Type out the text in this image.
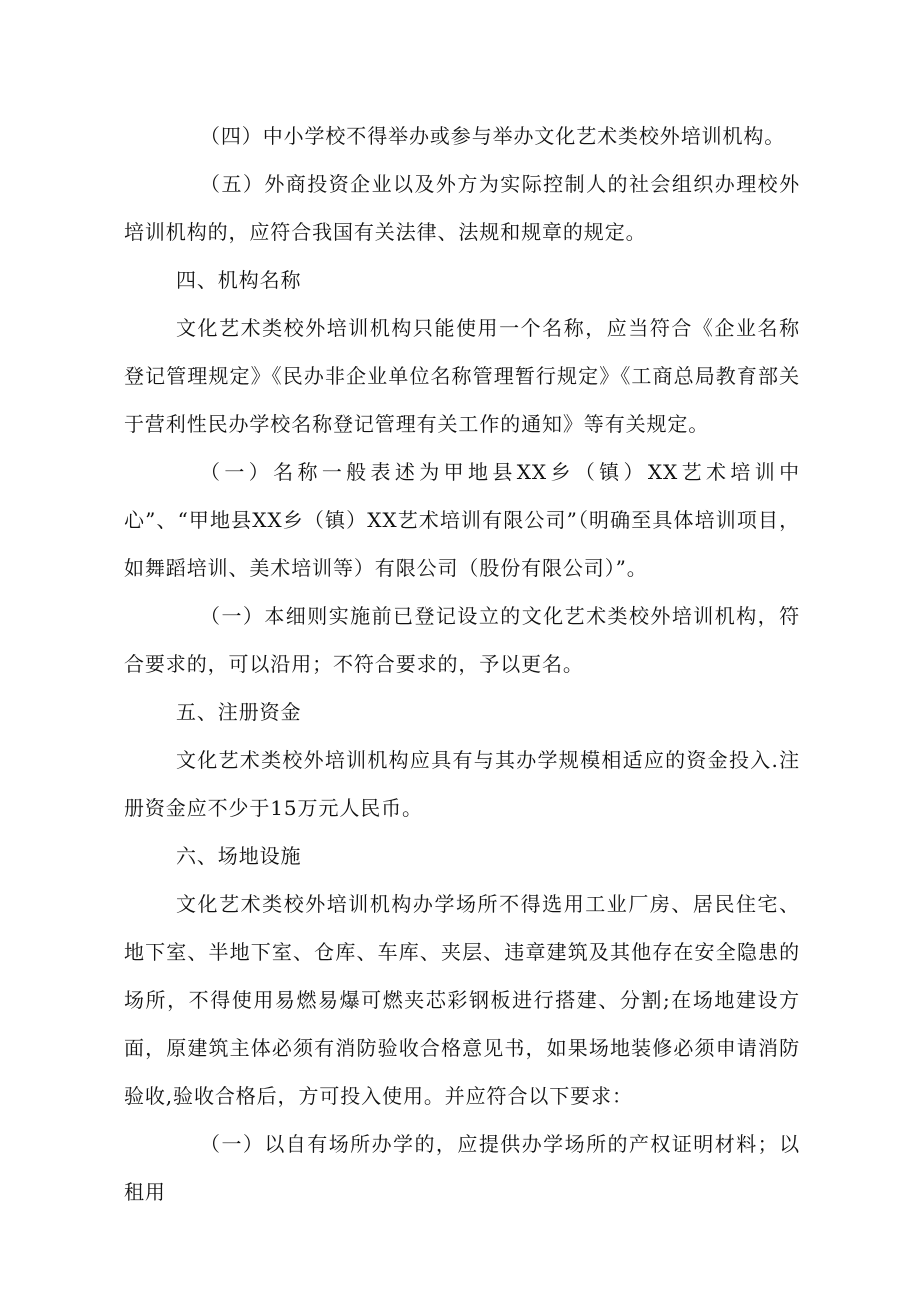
（四）中小学校不得举办或参与举办文化艺术类校外培训机构。

（五）外商投资企业以及外方为实际控制人的社会组织办理校外培训机构的，应符合我国有关法律、法规和规章的规定。

四、机构名称

文化艺术类校外培训机构只能使用一个名称，应当符合《企业名称登记管理规定》《民办非企业单位名称管理暂行规定》《工商总局教育部关于营利性民办学校名称登记管理有关工作的通知》等有关规定。

（一）名称一般表述为甲地县XX乡（镇）XX艺术培训中心”、“甲地县XX乡（镇）XX艺术培训有限公司”（明确至具体培训项目，如舞蹈培训、美术培训等）有限公司（股份有限公司）”。

（一）本细则实施前已登记设立的文化艺术类校外培训机构，符合要求的，可以沿用；不符合要求的，予以更名。

五、注册资金

文化艺术类校外培训机构应具有与其办学规模相适应的资金投入.注册资金应不少于15万元人民币。

六、场地设施

文化艺术类校外培训机构办学场所不得选用工业厂房、居民住宅、地下室、半地下室、仓库、车库、夹层、违章建筑及其他存在安全隐患的场所，不得使用易燃易爆可燃夹芯彩钢板进行搭建、分割;在场地建设方面，原建筑主体必须有消防验收合格意见书，如果场地装修必须申请消防验收,验收合格后，方可投入使用。并应符合以下要求：

（一）以自有场所办学的，应提供办学场所的产权证明材料；以租用
